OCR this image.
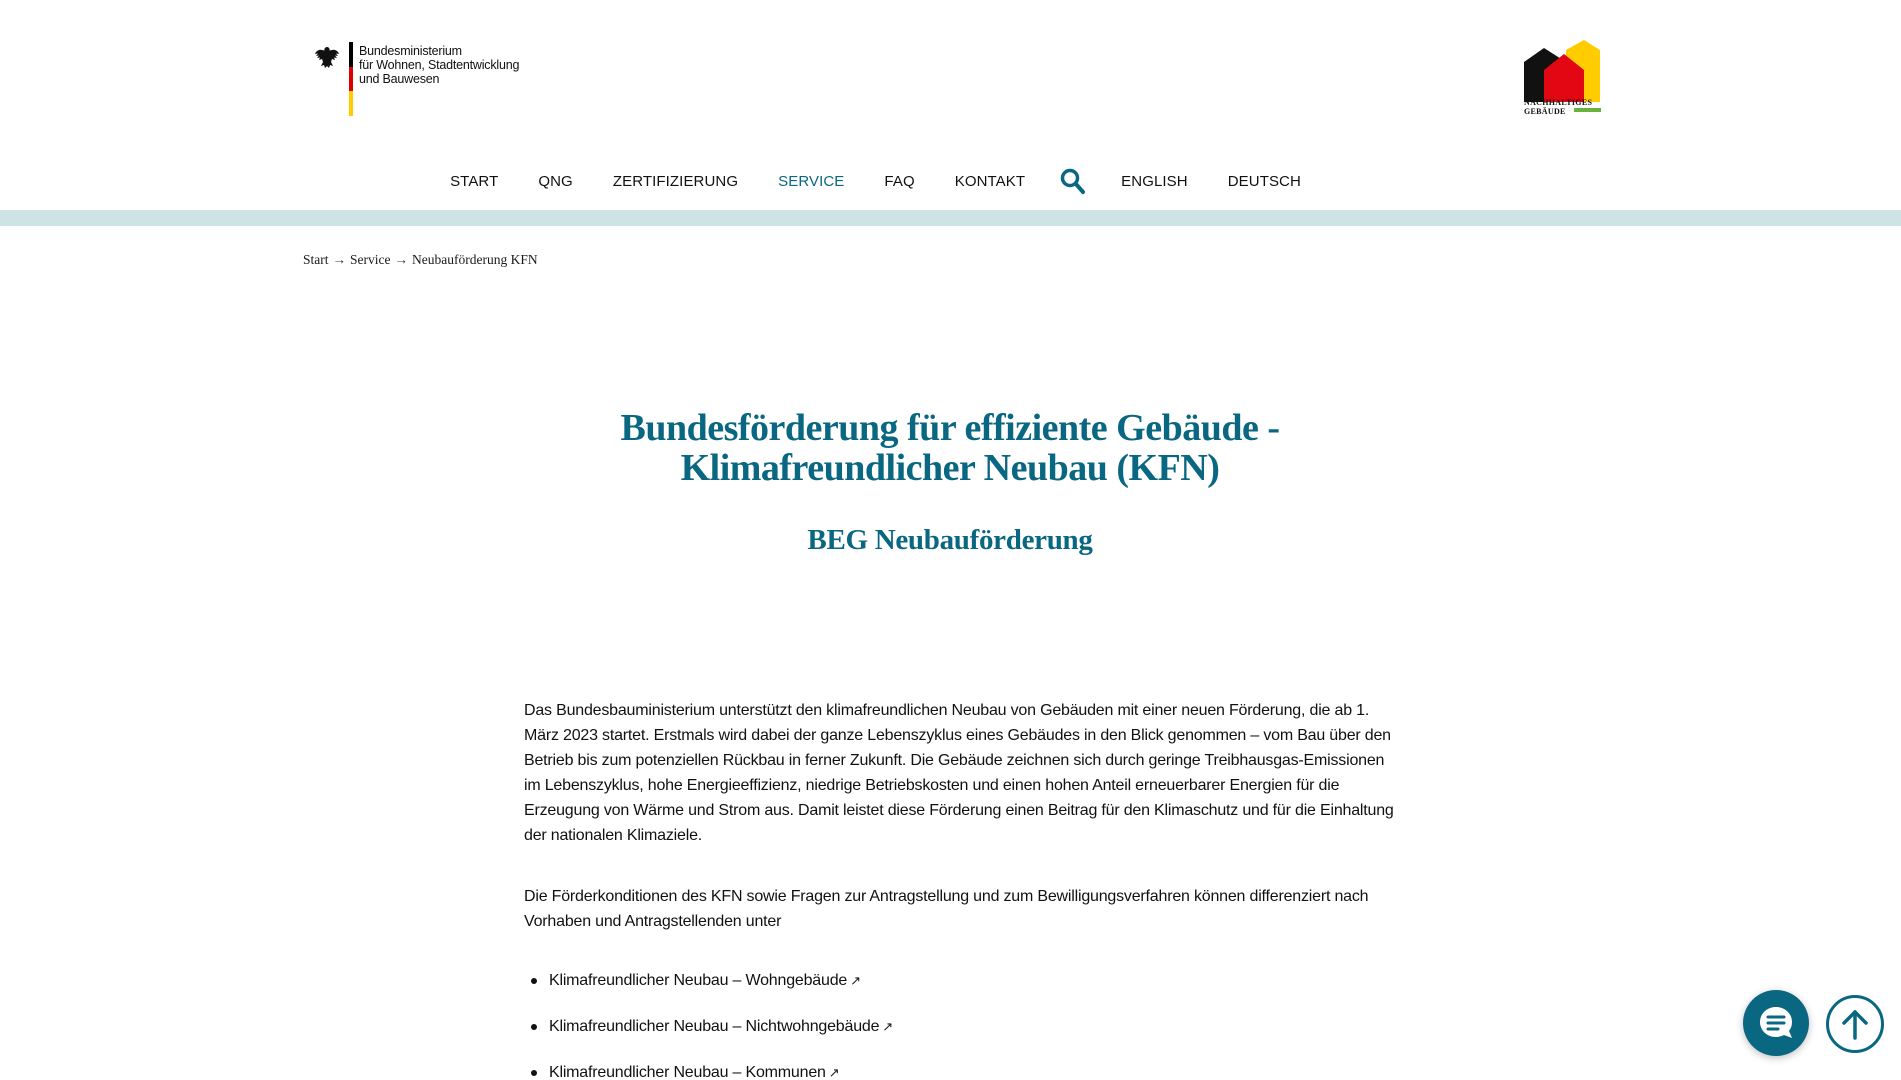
Bundesministerium
für Wohnen, Stadtentwicklung
und Bauwesen
NACHHALTIGES
GEBÄUDE
START	QNG	ZERTIFIZIERUNG	SERVICE	FAQ	KONTAKT	ENGLISH	DEUTSCH
Start → Service → Neubauförderung KFN
Bundesförderung für effiziente Gebäude -
Klimafreundlicher Neubau (KFN)
BEG Neubauförderung

Das Bundesbauministerium unterstützt den klimafreundlichen Neubau von Gebäuden mit einer neuen Förderung, die ab 1. März 2023 startet. Erstmals wird dabei der ganze Lebenszyklus eines Gebäudes in den Blick genommen – vom Bau über den Betrieb bis zum potenziellen Rückbau in ferner Zukunft. Die Gebäude zeichnen sich durch geringe Treibhausgas-Emissionen im Lebenszyklus, hohe Energieeffizienz, niedrige Betriebskosten und einen hohen Anteil erneuerbarer Energien für die Erzeugung von Wärme und Strom aus. Damit leistet diese Förderung einen Beitrag für den Klimaschutz und für die Einhaltung der nationalen Klimaziele.

Die Förderkonditionen des KFN sowie Fragen zur Antragstellung und zum Bewilligungsverfahren können differenziert nach Vorhaben und Antragstellenden unter

Klimafreundlicher Neubau – Wohngebäude ↗
Klimafreundlicher Neubau – Nichtwohngebäude ↗
Klimafreundlicher Neubau – Kommunen ↗
